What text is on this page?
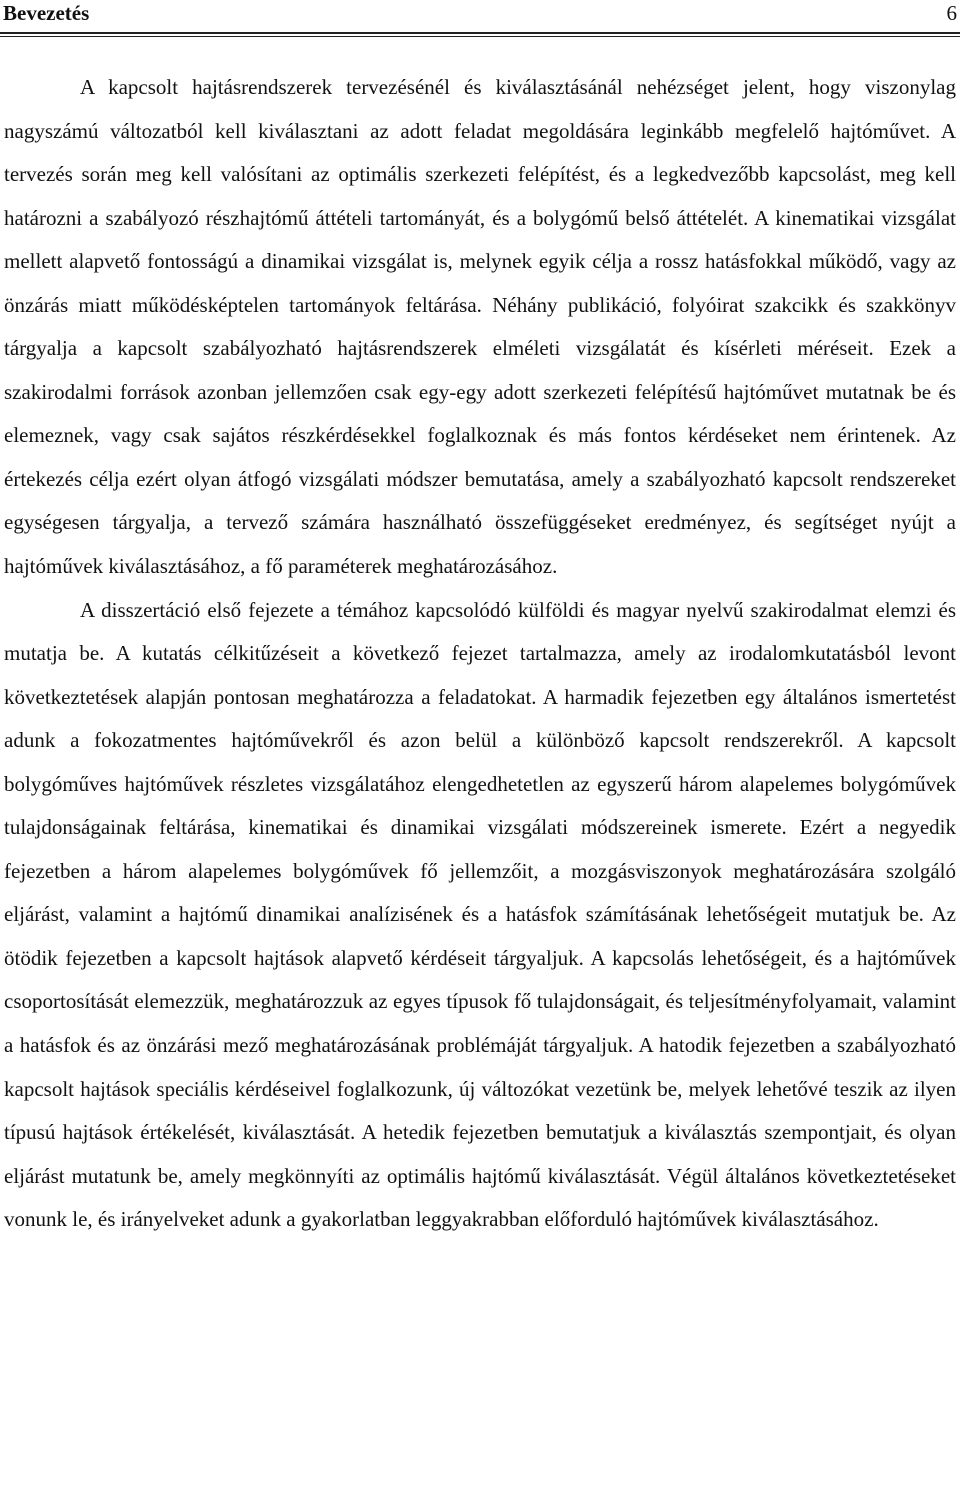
Bevezetés	6

A kapcsolt hajtásrendszerek tervezésénél és kiválasztásánál nehézséget jelent, hogy viszonylag nagyszámú változatból kell kiválasztani az adott feladat megoldására leginkább megfelelő hajtóművet. A tervezés során meg kell valósítani az optimális szerkezeti felépítést, és a legkedvezőbb kapcsolást, meg kell határozni a szabályozó részhajtómű áttételi tartományát, és a bolygómű belső áttételét. A kinematikai vizsgálat mellett alapvető fontosságú a dinamikai vizsgálat is, melynek egyik célja a rossz hatásfokkal működő, vagy az önzárás miatt működésképtelen tartományok feltárása. Néhány publikáció, folyóirat szakcikk és szakkönyv tárgyalja a kapcsolt szabályozható hajtásrendszerek elméleti vizsgálatát és kísérleti méréseit. Ezek a szakirodalmi források azonban jellemzően csak egy-egy adott szerkezeti felépítésű hajtóművet mutatnak be és elemeznek, vagy csak sajátos részkérdésekkel foglalkoznak és más fontos kérdéseket nem érintenek. Az értekezés célja ezért olyan átfogó vizsgálati módszer bemutatása, amely a szabályozható kapcsolt rendszereket egységesen tárgyalja, a tervező számára használható összefüggéseket eredményez, és segítséget nyújt a hajtóművek kiválasztásához, a fő paraméterek meghatározásához.

A disszertáció első fejezete a témához kapcsolódó külföldi és magyar nyelvű szakirodalmat elemzi és mutatja be. A kutatás célkitűzéseit a következő fejezet tartalmazza, amely az irodalomkutatásból levont következtetések alapján pontosan meghatározza a feladatokat. A harmadik fejezetben egy általános ismertetést adunk a fokozatmentes hajtóművekről és azon belül a különböző kapcsolt rendszerekről. A kapcsolt bolygóműves hajtóművek részletes vizsgálatához elengedhetetlen az egyszerű három alapelemes bolygóművek tulajdonságainak feltárása, kinematikai és dinamikai vizsgálati módszereinek ismerete. Ezért a negyedik fejezetben a három alapelemes bolygóművek fő jellemzőit, a mozgásviszonyok meghatározására szolgáló eljárást, valamint a hajtómű dinamikai analízisének és a hatásfok számításának lehetőségeit mutatjuk be. Az ötödik fejezetben a kapcsolt hajtások alapvető kérdéseit tárgyaljuk. A kapcsolás lehetőségeit, és a hajtóművek csoportosítását elemezzük, meghatározzuk az egyes típusok fő tulajdonságait, és teljesítményfolyamait, valamint a hatásfok és az önzárási mező meghatározásának problémáját tárgyaljuk. A hatodik fejezetben a szabályozható kapcsolt hajtások speciális kérdéseivel foglalkozunk, új változókat vezetünk be, melyek lehetővé teszik az ilyen típusú hajtások értékelését, kiválasztását. A hetedik fejezetben bemutatjuk a kiválasztás szempontjait, és olyan eljárást mutatunk be, amely megkönnyíti az optimális hajtómű kiválasztását. Végül általános következtetéseket vonunk le, és irányelveket adunk a gyakorlatban leggyakrabban előforduló hajtóművek kiválasztásához.
